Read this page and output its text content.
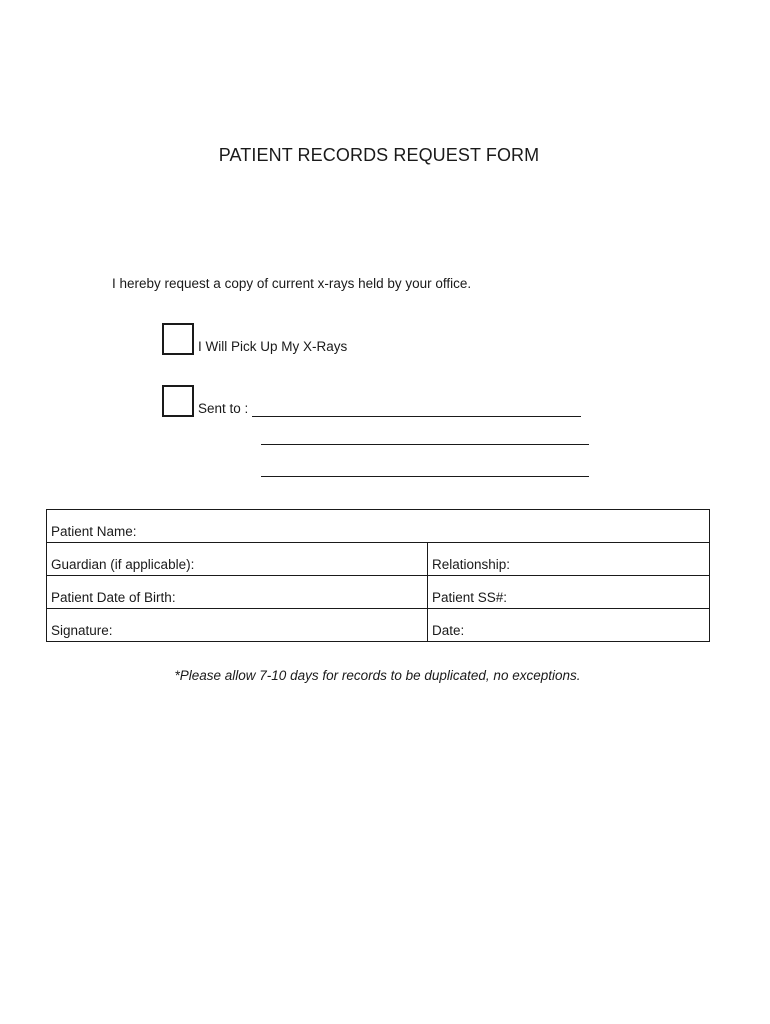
PATIENT RECORDS REQUEST FORM
I hereby request a copy of current x-rays held by your office.
I Will Pick Up My X-Rays
Sent to :
Patient Name:	
Guardian (if applicable):	Relationship:
Patient Date of Birth:	Patient SS#:
Signature:	Date:
*Please allow 7-10 days for records to be duplicated, no exceptions.
